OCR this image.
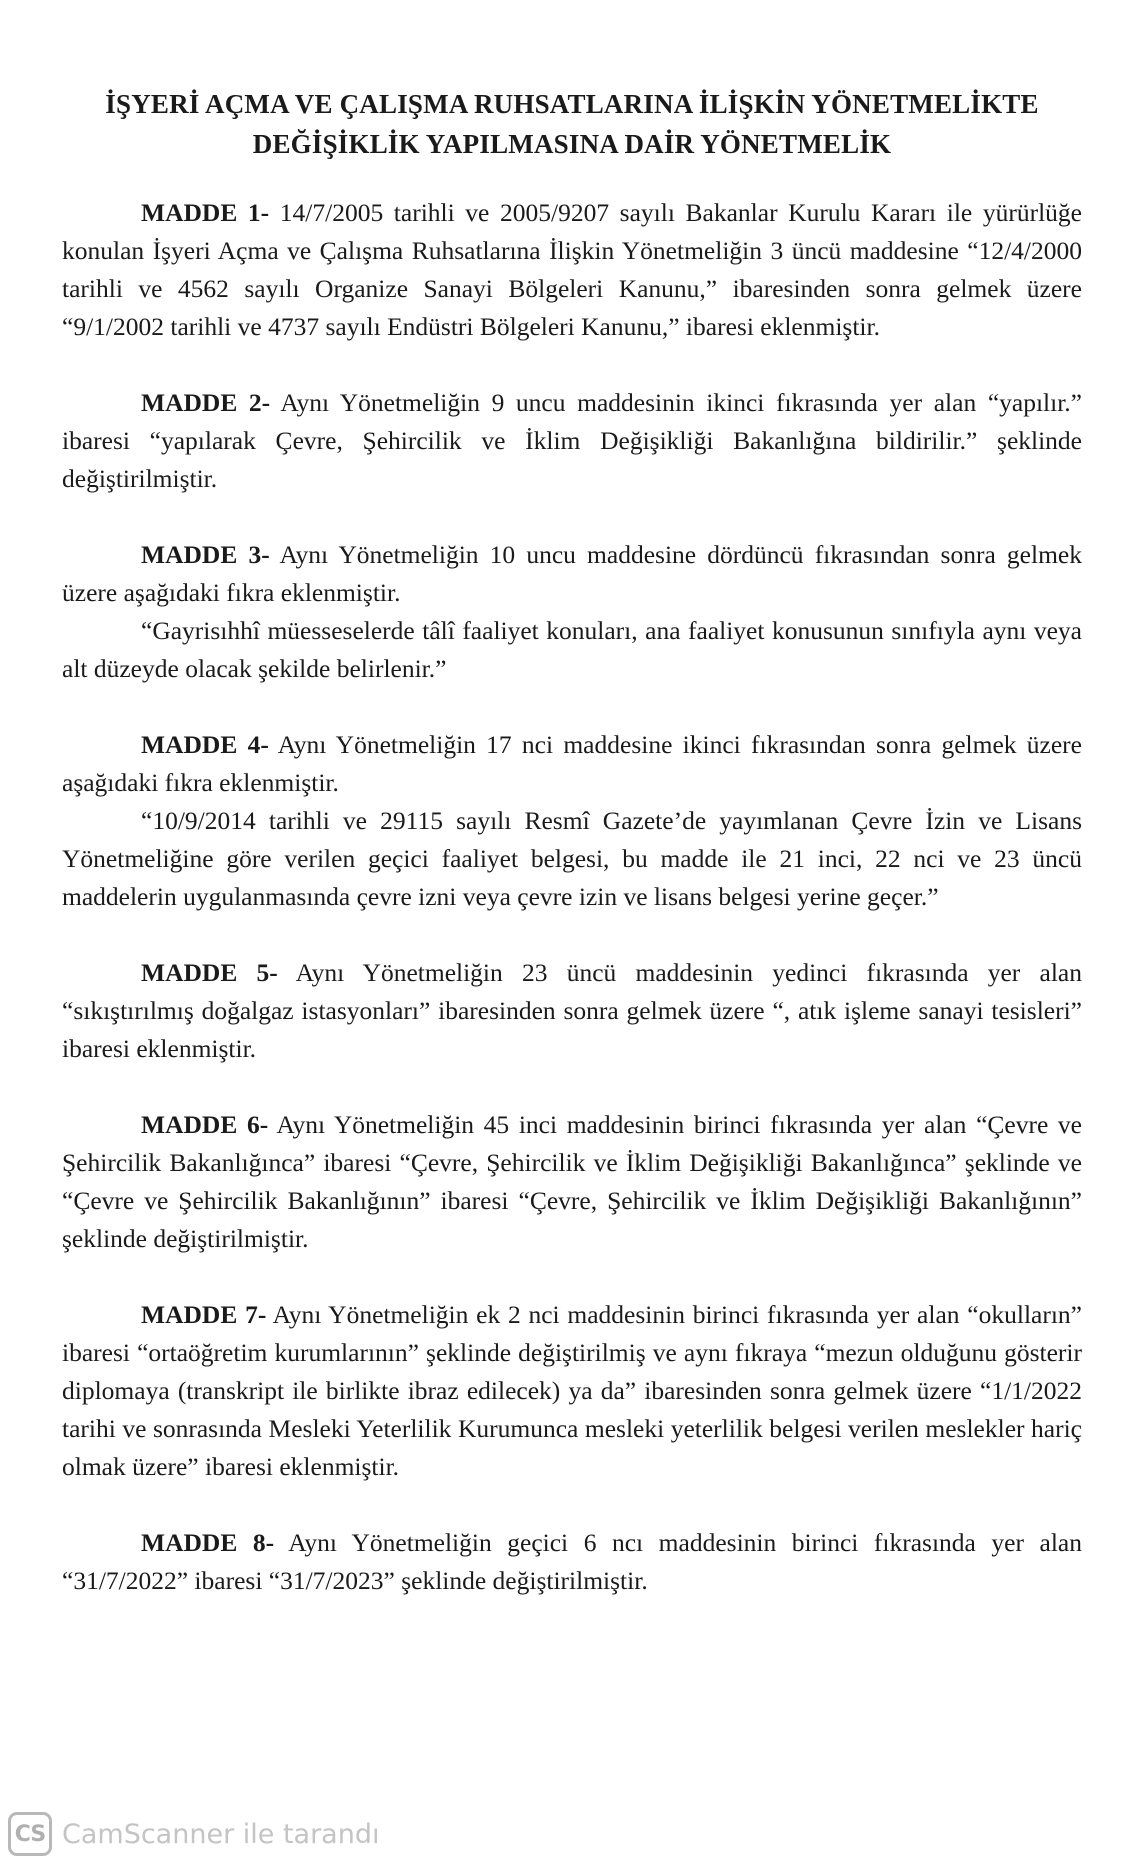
İŞYERİ AÇMA VE ÇALIŞMA RUHSATLARINA İLİŞKİN YÖNETMELİKTE
DEĞİŞİKLİK YAPILMASINA DAİR YÖNETMELİK

MADDE 1- 14/7/2005 tarihli ve 2005/9207 sayılı Bakanlar Kurulu Kararı ile yürürlüğe konulan İşyeri Açma ve Çalışma Ruhsatlarına İlişkin Yönetmeliğin 3 üncü maddesine “12/4/2000 tarihli ve 4562 sayılı Organize Sanayi Bölgeleri Kanunu,” ibaresinden sonra gelmek üzere “9/1/2002 tarihli ve 4737 sayılı Endüstri Bölgeleri Kanunu,” ibaresi eklenmiştir.

MADDE 2- Aynı Yönetmeliğin 9 uncu maddesinin ikinci fıkrasında yer alan “yapılır.” ibaresi “yapılarak Çevre, Şehircilik ve İklim Değişikliği Bakanlığına bildirilir.” şeklinde değiştirilmiştir.

MADDE 3- Aynı Yönetmeliğin 10 uncu maddesine dördüncü fıkrasından sonra gelmek üzere aşağıdaki fıkra eklenmiştir.

“Gayrisıhhî müesseselerde tâlî faaliyet konuları, ana faaliyet konusunun sınıfıyla aynı veya alt düzeyde olacak şekilde belirlenir.”

MADDE 4- Aynı Yönetmeliğin 17 nci maddesine ikinci fıkrasından sonra gelmek üzere aşağıdaki fıkra eklenmiştir.

“10/9/2014 tarihli ve 29115 sayılı Resmî Gazete’de yayımlanan Çevre İzin ve Lisans Yönetmeliğine göre verilen geçici faaliyet belgesi, bu madde ile 21 inci, 22 nci ve 23 üncü maddelerin uygulanmasında çevre izni veya çevre izin ve lisans belgesi yerine geçer.”

MADDE 5- Aynı Yönetmeliğin 23 üncü maddesinin yedinci fıkrasında yer alan “sıkıştırılmış doğalgaz istasyonları” ibaresinden sonra gelmek üzere “, atık işleme sanayi tesisleri” ibaresi eklenmiştir.

MADDE 6- Aynı Yönetmeliğin 45 inci maddesinin birinci fıkrasında yer alan “Çevre ve Şehircilik Bakanlığınca” ibaresi “Çevre, Şehircilik ve İklim Değişikliği Bakanlığınca” şeklinde ve “Çevre ve Şehircilik Bakanlığının” ibaresi “Çevre, Şehircilik ve İklim Değişikliği Bakanlığının” şeklinde değiştirilmiştir.

MADDE 7- Aynı Yönetmeliğin ek 2 nci maddesinin birinci fıkrasında yer alan “okulların” ibaresi “ortaöğretim kurumlarının” şeklinde değiştirilmiş ve aynı fıkraya “mezun olduğunu gösterir diplomaya (transkript ile birlikte ibraz edilecek) ya da” ibaresinden sonra gelmek üzere “1/1/2022 tarihi ve sonrasında Mesleki Yeterlilik Kurumunca mesleki yeterlilik belgesi verilen meslekler hariç olmak üzere” ibaresi eklenmiştir.

MADDE 8- Aynı Yönetmeliğin geçici 6 ncı maddesinin birinci fıkrasında yer alan “31/7/2022” ibaresi “31/7/2023” şeklinde değiştirilmiştir.

CS CamScanner ile tarandı
